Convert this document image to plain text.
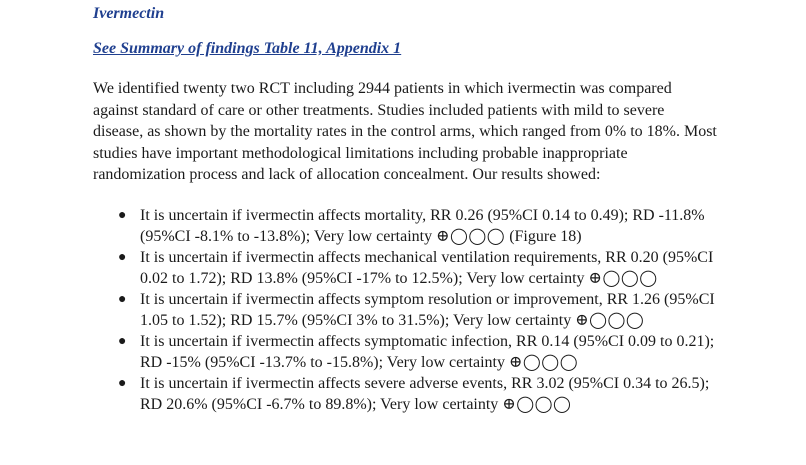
Ivermectin
See Summary of findings Table 11, Appendix 1
We identified twenty two RCT including 2944 patients in which ivermectin was compared
against standard of care or other treatments. Studies included patients with mild to severe
disease, as shown by the mortality rates in the control arms, which ranged from 0% to 18%. Most
studies have important methodological limitations including probable inappropriate
randomization process and lack of allocation concealment. Our results showed:
● It is uncertain if ivermectin affects mortality, RR 0.26 (95%CI 0.14 to 0.49); RD -11.8%
(95%CI -8.1% to -13.8%); Very low certainty ⊕◯◯◯ (Figure 18)
● It is uncertain if ivermectin affects mechanical ventilation requirements, RR 0.20 (95%CI
0.02 to 1.72); RD 13.8% (95%CI -17% to 12.5%); Very low certainty ⊕◯◯◯
● It is uncertain if ivermectin affects symptom resolution or improvement, RR 1.26 (95%CI
1.05 to 1.52); RD 15.7% (95%CI 3% to 31.5%); Very low certainty ⊕◯◯◯
● It is uncertain if ivermectin affects symptomatic infection, RR 0.14 (95%CI 0.09 to 0.21);
RD -15% (95%CI -13.7% to -15.8%); Very low certainty ⊕◯◯◯
● It is uncertain if ivermectin affects severe adverse events, RR 3.02 (95%CI 0.34 to 26.5);
RD 20.6% (95%CI -6.7% to 89.8%); Very low certainty ⊕◯◯◯
